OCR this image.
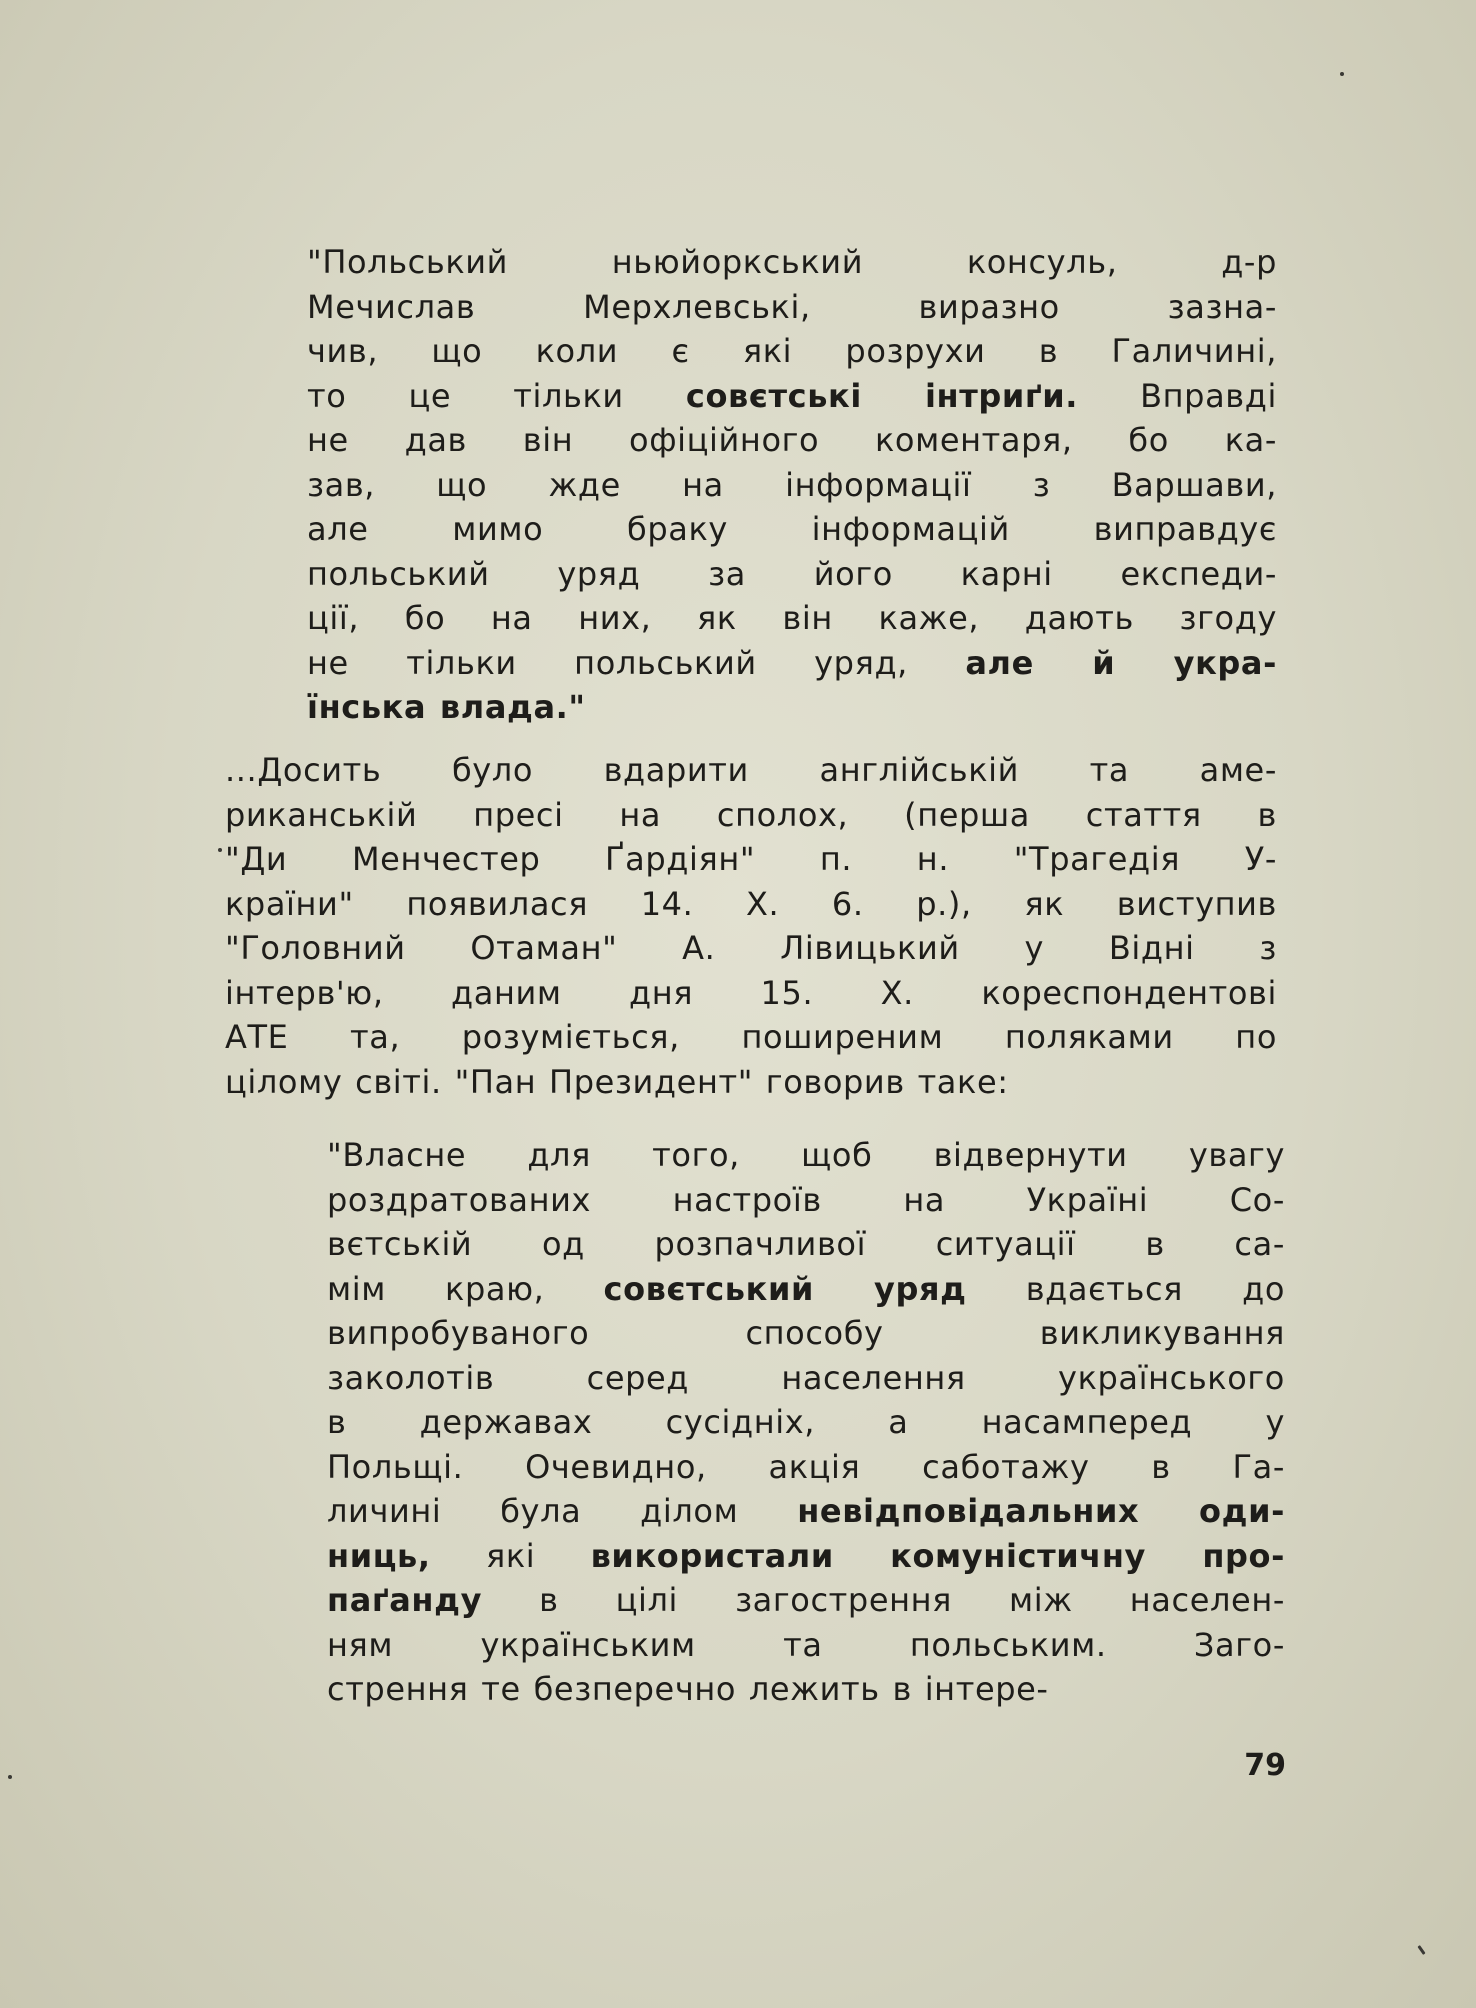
"Польський ньюйоркський консуль, д-р
Мечислав Мерхлевські, виразно зазна-
чив, що коли є які розрухи в Галичині,
то це тільки совєтські інтриґи. Вправді
не дав він офіційного коментаря, бо ка-
зав, що жде на інформації з Варшави,
але мимо браку інформацій виправдує
польський уряд за його карні експеди-
ції, бо на них, як він каже, дають згоду
не тільки польський уряд, але й укра-
їнська влада."
...Досить було вдарити англійській та аме-
риканській пресі на сполох, (перша стаття в
"Ди Менчестер Ґардіян" п. н. "Трагедія У-
країни" появилася 14. X. 6. р.), як виступив
"Головний Отаман" А. Лівицький у Відні з
інтерв'ю, даним дня 15. X. кореспондентові
АТЕ та, розуміється, поширеним поляками по
цілому світі. "Пан Президент" говорив таке:
"Власне для того, щоб відвернути увагу
роздратованих настроїв на Україні Со-
вєтській од розпачливої ситуації в са-
мім краю, совєтський уряд вдається до
випробуваного способу викликування
заколотів серед населення українського
в державах сусідніх, а насамперед у
Польщі. Очевидно, акція саботажу в Га-
личині була ділом невідповідальних оди-
ниць, які використали комуністичну про-
паґанду в цілі загострення між населен-
ням українським та польським. Заго-
стрення те безперечно лежить в інтере-
79
